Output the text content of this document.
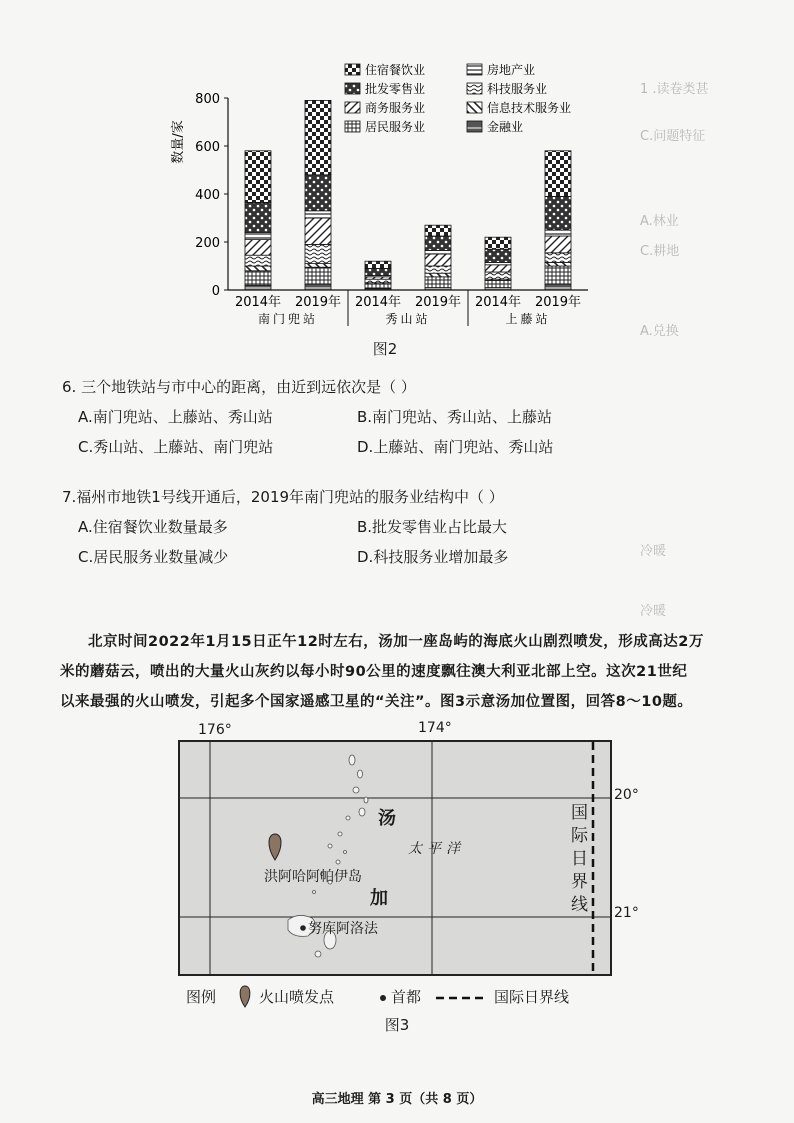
1 .读卷类甚
C.问题特征
A.林业
C.耕地
A.兑换
冷暖
冷暖
0
200
400
600
800
数量/家
2014年 2019年 2014年 2019年 2014年 2019年
南门兜站	秀山站	上藤站
住宿餐饮业	房地产业
批发零售业	科技服务业
商务服务业	信息技术服务业
居民服务业	金融业
图2
6. 三个地铁站与市中心的距离，由近到远依次是（ ）
A.南门兜站、上藤站、秀山站	B.南门兜站、秀山站、上藤站
C.秀山站、上藤站、南门兜站	D.上藤站、南门兜站、秀山站
7.福州市地铁1号线开通后，2019年南门兜站的服务业结构中（ ）
A.住宿餐饮业数量最多	B.批发零售业占比最大
C.居民服务业数量减少	D.科技服务业增加最多
北京时间2022年1月15日正午12时左右，汤加一座岛屿的海底火山剧烈喷发，形成高达2万
米的蘑菇云，喷出的大量火山灰约以每小时90公里的速度飘往澳大利亚北部上空。这次21世纪
以来最强的火山喷发，引起多个国家遥感卫星的“关注”。图3示意汤加位置图，回答8～10题。
176°	174°
20°
21°
汤
加
太平洋
洪阿哈阿帕伊岛
努库阿洛法
国际日界线
图例	火山喷发点	首都	国际日界线
图3
高三地理 第 3 页（共 8 页）
